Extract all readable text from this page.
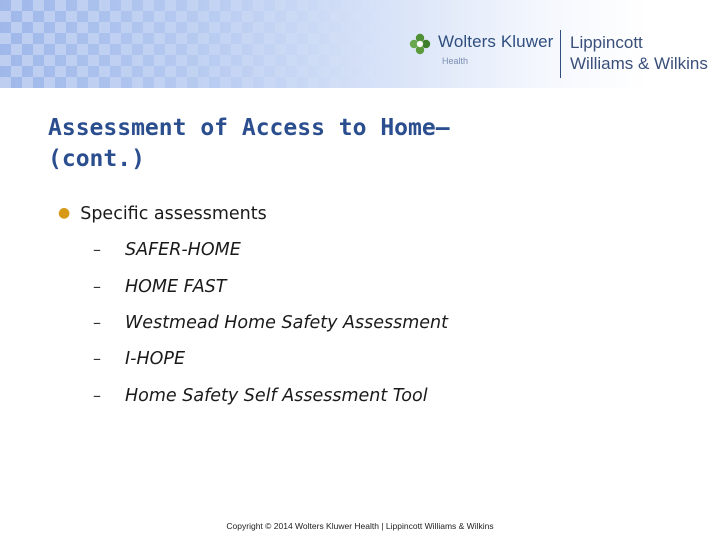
Wolters Kluwer
Health
Lippincott
Williams & Wilkins
Assessment of Access to Home—
(cont.)
● Specific assessments
– SAFER-HOME
– HOME FAST
– Westmead Home Safety Assessment
– I-HOPE
– Home Safety Self Assessment Tool
Copyright © 2014 Wolters Kluwer Health | Lippincott Williams & Wilkins
